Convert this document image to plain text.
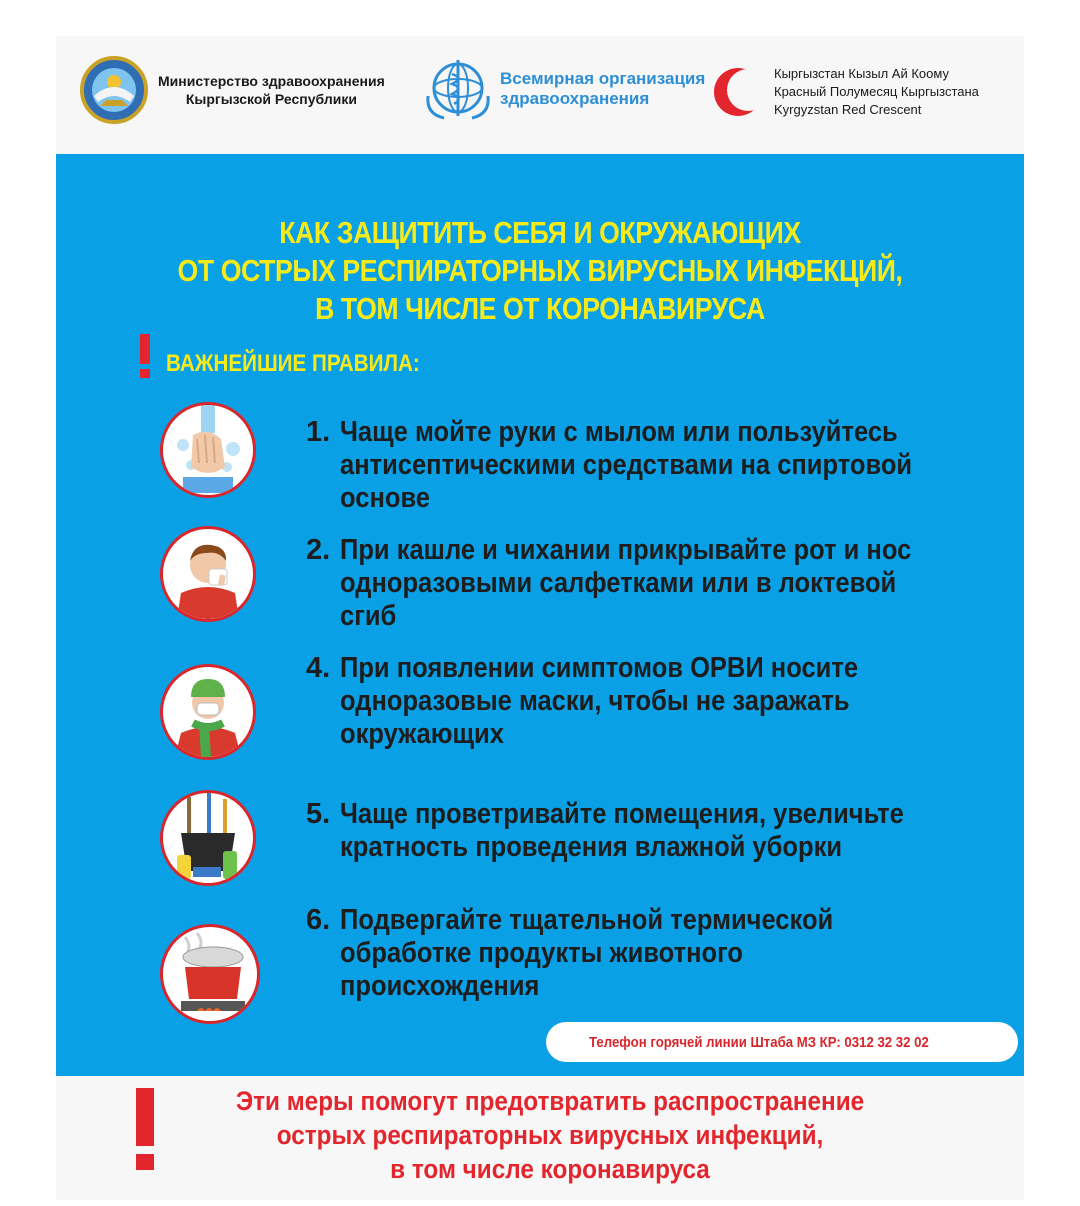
Министерство здравоохранения
Кыргызской Республики
Всемирная организация
здравоохранения
Кыргызстан Кызыл Ай Коому
Красный Полумесяц Кыргызстана
Kyrgyzstan Red Crescent
КАК ЗАЩИТИТЬ СЕБЯ И ОКРУЖАЮЩИХ
ОТ ОСТРЫХ РЕСПИРАТОРНЫХ ВИРУСНЫХ ИНФЕКЦИЙ,
В ТОМ ЧИСЛЕ ОТ КОРОНАВИРУСА
ВАЖНЕЙШИЕ ПРАВИЛА:
1. Чаще мойте руки с мылом или пользуйтесь
антисептическими средствами на спиртовой
основе
2. При кашле и чихании прикрывайте рот и нос
одноразовыми салфетками или в локтевой
сгиб
4. При появлении симптомов ОРВИ носите
одноразовые маски, чтобы не заражать
окружающих
5. Чаще проветривайте помещения, увеличьте
кратность проведения влажной уборки
6. Подвергайте тщательной термической
обработке продукты животного
происхождения
Телефон горячей линии Штаба МЗ КР: 0312 32 32 02
Эти меры помогут предотвратить распространение
острых респираторных вирусных инфекций,
в том числе коронавируса
